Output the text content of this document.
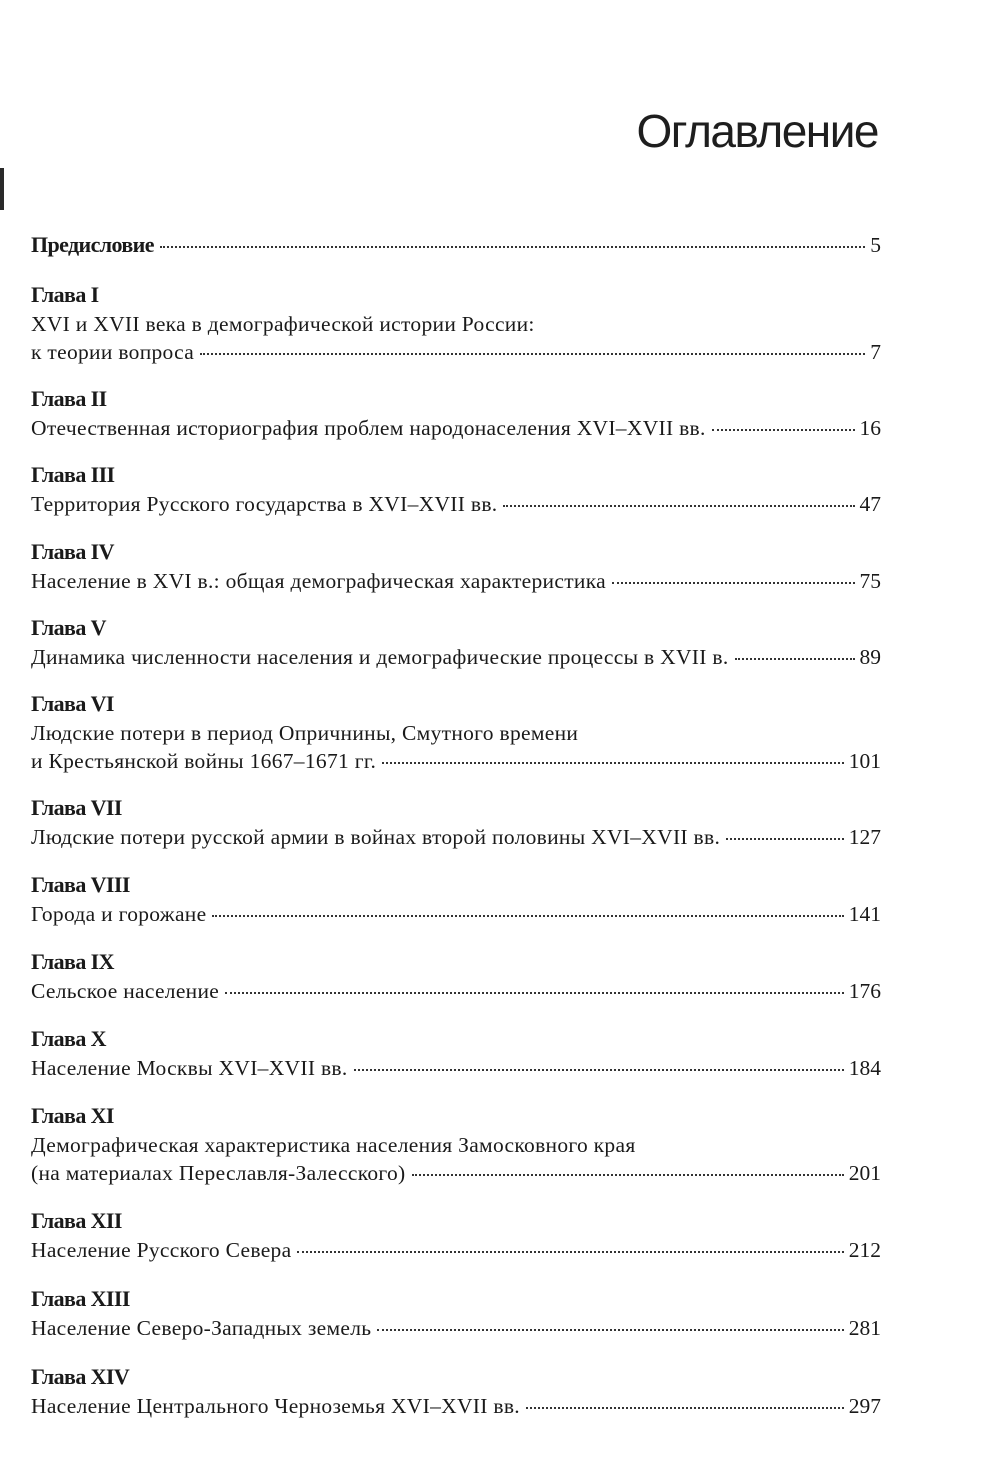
Оглавление
Предисловие	5
Глава I
XVI и XVII века в демографической истории России:
к теории вопроса	7
Глава II
Отечественная историография проблем народонаселения XVI–XVII вв.	16
Глава III
Территория Русского государства в XVI–XVII вв.	47
Глава IV
Население в XVI в.: общая демографическая характеристика	75
Глава V
Динамика численности населения и демографические процессы в XVII в.	89
Глава VI
Людские потери в период Опричнины, Смутного времени
и Крестьянской войны 1667–1671 гг.	101
Глава VII
Людские потери русской армии в войнах второй половины XVI–XVII вв.	127
Глава VIII
Города и горожане	141
Глава IX
Сельское население	176
Глава X
Население Москвы XVI–XVII вв.	184
Глава XI
Демографическая характеристика населения Замосковного края
(на материалах Переславля-Залесского)	201
Глава XII
Население Русского Севера	212
Глава XIII
Население Северо-Западных земель	281
Глава XIV
Население Центрального Черноземья XVI–XVII вв.	297
